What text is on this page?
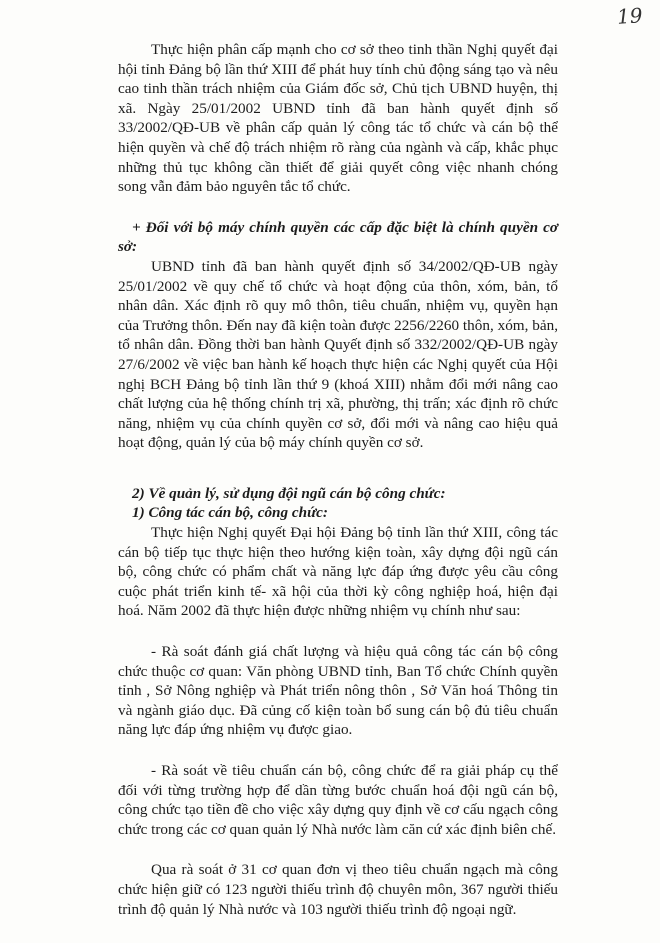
19

Thực hiện phân cấp mạnh cho cơ sở theo tinh thần Nghị quyết đại hội tỉnh Đảng bộ lần thứ XIII để phát huy tính chủ động sáng tạo và nêu cao tinh thần trách nhiệm của Giám đốc sở, Chủ tịch UBND huyện, thị xã. Ngày 25/01/2002 UBND tỉnh đã ban hành quyết định số 33/2002/QĐ-UB về phân cấp quản lý công tác tổ chức và cán bộ thể hiện quyền và chế độ trách nhiệm rõ ràng của ngành và cấp, khắc phục những thủ tục không cần thiết để giải quyết công việc nhanh chóng song vẫn đảm bảo nguyên tắc tổ chức.

+ Đối với bộ máy chính quyền các cấp đặc biệt là chính quyền cơ sở:

UBND tỉnh đã ban hành quyết định số 34/2002/QĐ-UB ngày 25/01/2002 về quy chế tổ chức và hoạt động của thôn, xóm, bản, tổ nhân dân. Xác định rõ quy mô thôn, tiêu chuẩn, nhiệm vụ, quyền hạn của Trưởng thôn. Đến nay đã kiện toàn được 2256/2260 thôn, xóm, bản, tổ nhân dân. Đồng thời ban hành Quyết định số 332/2002/QĐ-UB ngày 27/6/2002 về việc ban hành kế hoạch thực hiện các Nghị quyết của Hội nghị BCH Đảng bộ tỉnh lần thứ 9 (khoá XIII) nhằm đổi mới nâng cao chất lượng của hệ thống chính trị xã, phường, thị trấn; xác định rõ chức năng, nhiệm vụ của chính quyền cơ sở, đổi mới và nâng cao hiệu quả hoạt động, quản lý của bộ máy chính quyền cơ sở.

2) Về quản lý, sử dụng đội ngũ cán bộ công chức:

1) Công tác cán bộ, công chức:

Thực hiện Nghị quyết Đại hội Đảng bộ tỉnh lần thứ XIII, công tác cán bộ tiếp tục thực hiện theo hướng kiện toàn, xây dựng đội ngũ cán bộ, công chức có phẩm chất và năng lực đáp ứng được yêu cầu công cuộc phát triển kinh tế- xã hội của thời kỳ công nghiệp hoá, hiện đại hoá. Năm 2002 đã thực hiện được những nhiệm vụ chính như sau:

- Rà soát đánh giá chất lượng và hiệu quả công tác cán bộ công chức thuộc cơ quan: Văn phòng UBND tỉnh, Ban Tổ chức Chính quyền tỉnh , Sở Nông nghiệp và Phát triển nông thôn , Sở Văn hoá Thông tin và ngành giáo dục. Đã củng cố kiện toàn bổ sung cán bộ đủ tiêu chuẩn năng lực đáp ứng nhiệm vụ được giao.

- Rà soát về tiêu chuẩn cán bộ, công chức để ra giải pháp cụ thể đối với từng trường hợp để dần từng bước chuẩn hoá đội ngũ cán bộ, công chức tạo tiền đề cho việc xây dựng quy định về cơ cấu ngạch công chức trong các cơ quan quản lý Nhà nước làm căn cứ xác định biên chế.

Qua rà soát ở 31 cơ quan đơn vị theo tiêu chuẩn ngạch mà công chức hiện giữ có 123 người thiếu trình độ chuyên môn, 367 người thiếu trình độ quản lý Nhà nước và 103 người thiếu trình độ ngoại ngữ.
